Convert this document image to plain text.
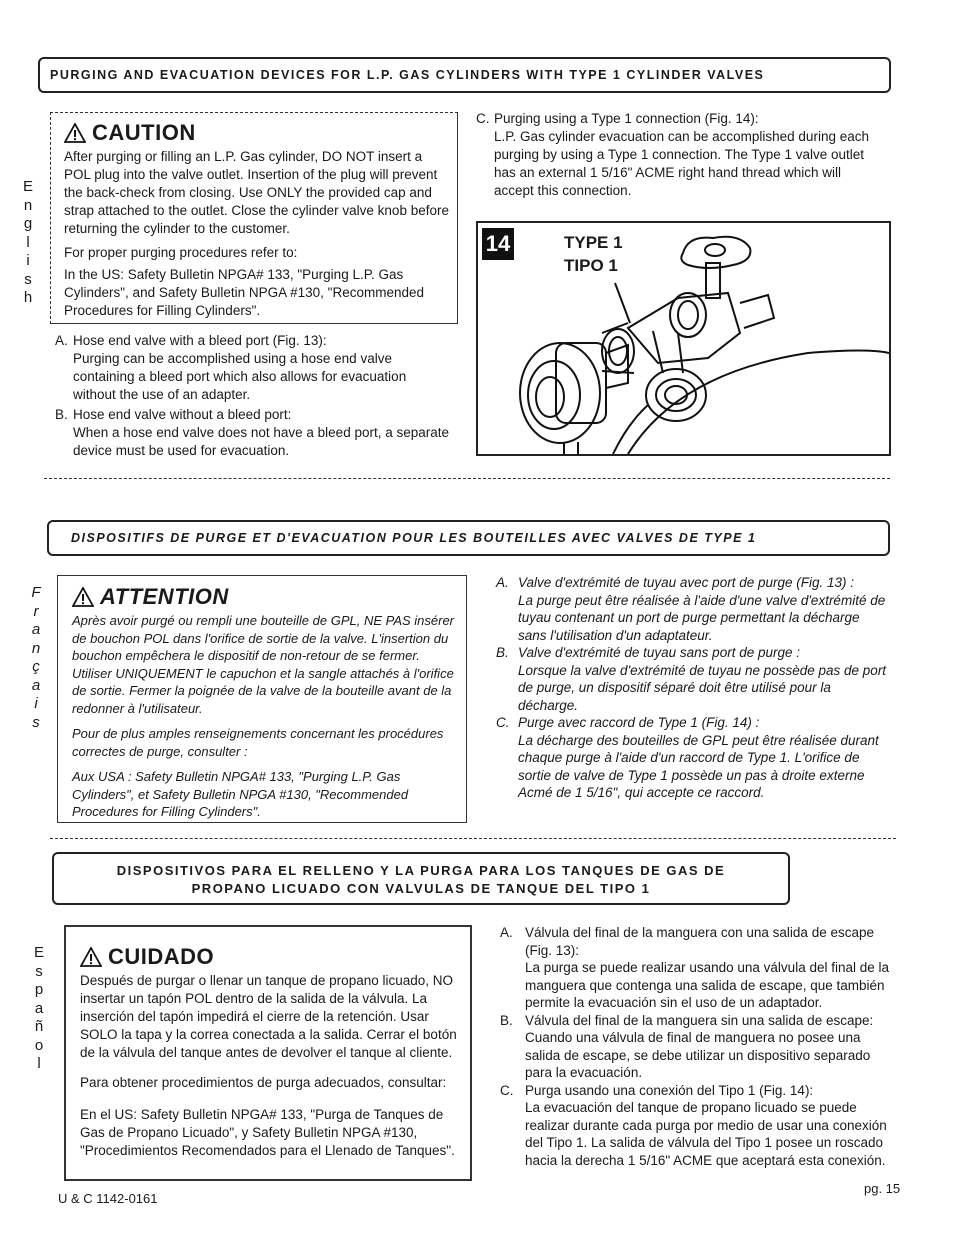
PURGING AND EVACUATION DEVICES FOR L.P. GAS CYLINDERS WITH TYPE 1 CYLINDER VALVES
E
n
g
l
i
s
h
CAUTION

After purging or filling an L.P. Gas cylinder, DO NOT insert a POL plug into the valve outlet. Insertion of the plug will prevent the back-check from closing. Use ONLY the provided cap and strap attached to the outlet. Close the cylinder valve knob before returning the cylinder to the customer.

For proper purging procedures refer to:

In the US: Safety Bulletin NPGA# 133, "Purging L.P. Gas Cylinders", and Safety Bulletin NPGA #130, "Recommended Procedures for Filling Cylinders".

A. Hose end valve with a bleed port (Fig. 13):

Purging can be accomplished using a hose end valve containing a bleed port which also allows for evacuation without the use of an adapter.

B. Hose end valve without a bleed port:

When a hose end valve does not have a bleed port, a separate device must be used for evacuation.

C. Purging using a Type 1 connection (Fig. 14):

L.P. Gas cylinder evacuation can be accomplished during each purging by using a Type 1 connection. The Type 1 valve outlet has an external 1 5/16" ACME right hand thread which will accept this connection.

14	TYPE 1
TIPO 1
DISPOSITIFS DE PURGE ET D'EVACUATION POUR LES BOUTEILLES AVEC VALVES DE TYPE 1
F
r
a
n
ç
a
i
s
ATTENTION

Après avoir purgé ou rempli une bouteille de GPL, NE PAS insérer de bouchon POL dans l'orifice de sortie de la valve. L'insertion du bouchon empêchera le dispositif de non-retour de se fermer. Utiliser UNIQUEMENT le capuchon et la sangle attachés à l'orifice de sortie. Fermer la poignée de la valve de la bouteille avant de la redonner à l'utilisateur.

Pour de plus amples renseignements concernant les procédures correctes de purge, consulter :

Aux USA : Safety Bulletin NPGA# 133, "Purging L.P. Gas Cylinders", et Safety Bulletin NPGA #130, "Recommended Procedures for Filling Cylinders".

A. Valve d'extrémité de tuyau avec port de purge (Fig. 13) :

La purge peut être réalisée à l'aide d'une valve d'extrémité de tuyau contenant un port de purge permettant la décharge sans l'utilisation d'un adaptateur.

B. Valve d'extrémité de tuyau sans port de purge :

Lorsque la valve d'extrémité de tuyau ne possède pas de port de purge, un dispositif séparé doit être utilisé pour la décharge.

C. Purge avec raccord de Type 1 (Fig. 14) :

La décharge des bouteilles de GPL peut être réalisée durant chaque purge à l'aide d'un raccord de Type 1. L'orifice de sortie de valve de Type 1 possède un pas à droite externe Acmé de 1 5/16", qui accepte ce raccord.

DISPOSITIVOS PARA EL RELLENO Y LA PURGA PARA LOS TANQUES DE GAS DE
PROPANO LICUADO CON VALVULAS DE TANQUE DEL TIPO 1
E
s
p
a
ñ
o
l
CUIDADO

Después de purgar o llenar un tanque de propano licuado, NO insertar un tapón POL dentro de la salida de la válvula. La inserción del tapón impedirá el cierre de la retención. Usar SOLO la tapa y la correa conectada a la salida. Cerrar el botón de la válvula del tanque antes de devolver el tanque al cliente.

Para obtener procedimientos de purga adecuados, consultar:

En el US: Safety Bulletin NPGA# 133, "Purga de Tanques de Gas de Propano Licuado", y Safety Bulletin NPGA #130, "Procedimientos Recomendados para el Llenado de Tanques".

A. Válvula del final de la manguera con una salida de escape (Fig. 13):

La purga se puede realizar usando una válvula del final de la manguera que contenga una salida de escape, que también permite la evacuación sin el uso de un adaptador.

B. Válvula del final de la manguera sin una salida de escape:

Cuando una válvula de final de manguera no posee una salida de escape, se debe utilizar un dispositivo separado para la evacuación.

C. Purga usando una conexión del Tipo 1 (Fig. 14):

La evacuación del tanque de propano licuado se puede realizar durante cada purga por medio de usar una conexión del Tipo 1. La salida de válvula del Tipo 1 posee un roscado hacia la derecha 1 5/16" ACME que aceptará esta conexión.

U & C 1142-0161
pg. 15
